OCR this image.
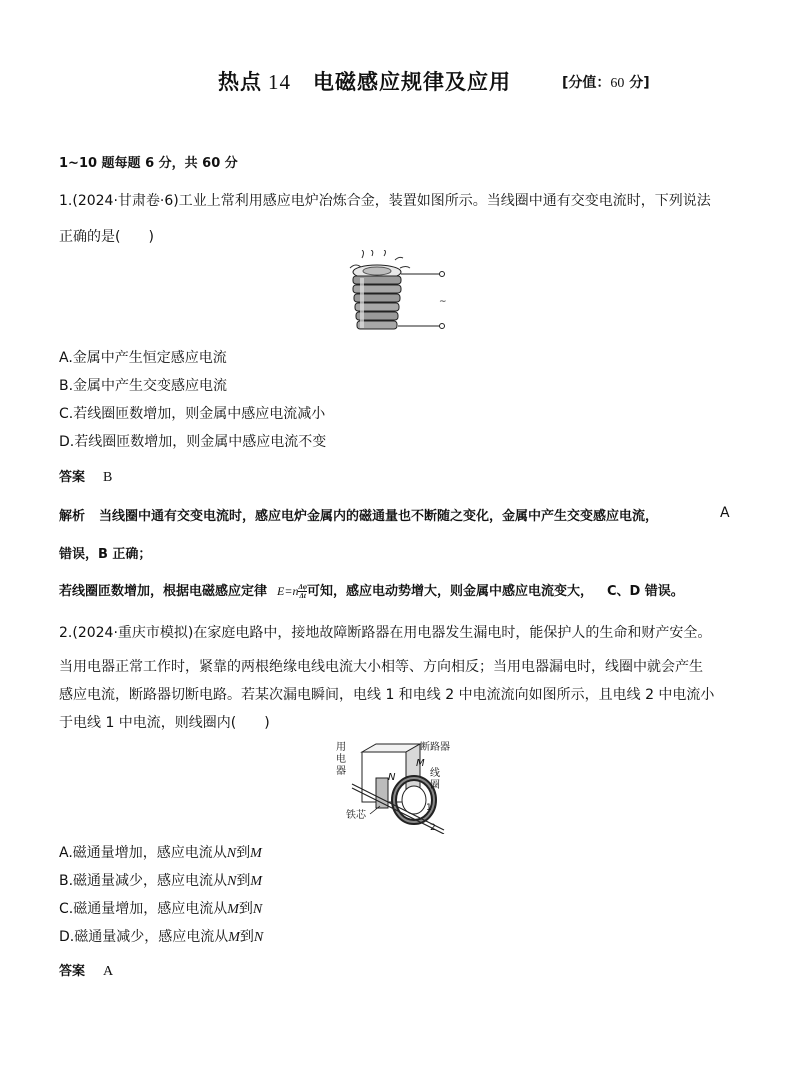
热点 14 电磁感应规律及应用	[分值：60 分]
1~10 题每题 6 分，共 60 分
1.(2024·甘肃卷·6)工业上常利用感应电炉冶炼合金，装置如图所示。当线圈中通有交变电流时，下列说法
正确的是(　　)
~
A.金属中产生恒定感应电流
B.金属中产生交变感应电流
C.若线圈匝数增加，则金属中感应电流减小
D.若线圈匝数增加，则金属中感应电流不变
答案 B
解析 当线圈中通有交变电流时，感应电炉金属内的磁通量也不断随之变化，金属中产生交变感应电流，	A
错误，B 正确；
若线圈匝数增加，根据电磁感应定律 $E=n \frac{\Delta\varphi}{\Delta t}$ 可知，感应电动势增大，则金属中感应电流变大， C、D 错误。
2.(2024·重庆市模拟)在家庭电路中，接地故障断路器在用电器发生漏电时，能保护人的生命和财产安全。
当用电器正常工作时，紧靠的两根绝缘电线电流大小相等、方向相反；当用电器漏电时，线圈中就会产生
感应电流，断路器切断电路。若某次漏电瞬间，电线 1 和电线 2 中电流流向如图所示，且电线 2 中电流小
于电线 1 中电流，则线圈内(　　)
用
电
器
断路器
N
M
线
圈
铁芯
1
2
A.磁通量增加，感应电流从N到M
B.磁通量减少，感应电流从N到M
C.磁通量增加，感应电流从M到N
D.磁通量减少，感应电流从M到N
答案 A
